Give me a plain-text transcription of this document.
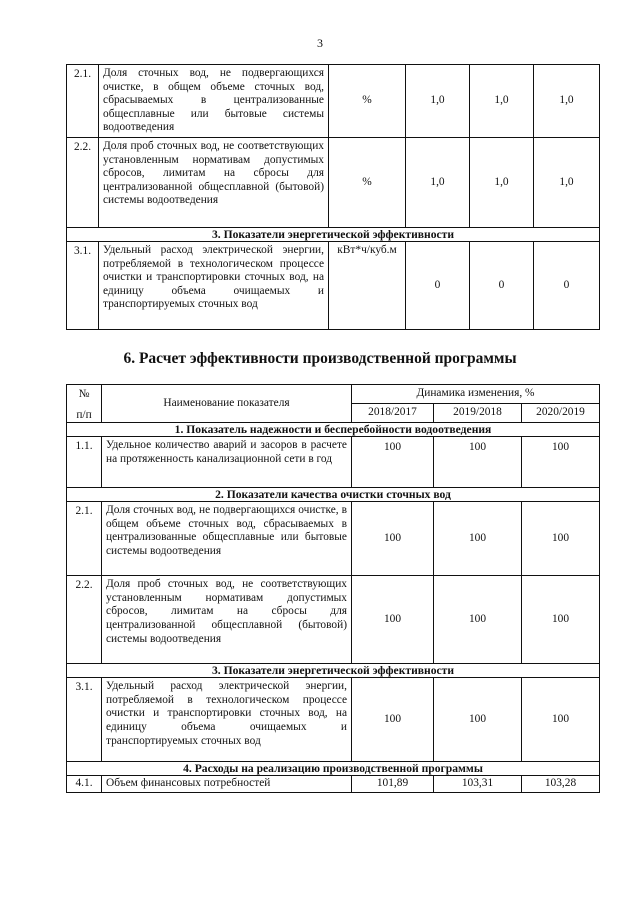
3
2.1.	Доля сточных вод, не подвергающихся очистке, в общем объеме сточных вод, сбрасываемых в централизованные общесплавные или бытовые системы водоотведения	%	1,0	1,0	1,0
2.2.	Доля проб сточных вод, не соответствующих установленным нормативам допустимых сбросов, лимитам на сбросы для централизованной общесплавной (бытовой) системы водоотведения	%	1,0	1,0	1,0
3. Показатели энергетической эффективности					
3.1.	Удельный расход электрической энергии, потребляемой в технологическом процессе очистки и транспортировки сточных вод, на единицу объема очищаемых и транспортируемых сточных вод	кВт*ч/куб.м	0	0	0
6. Расчет эффективности производственной программы
№
п/п	Наименование показателя	Динамика изменения, %		
		2018/2017	2019/2018	2020/2019
1. Показатель надежности и бесперебойности водоотведения				
1.1.	Удельное количество аварий и засоров в расчете на протяженность канализационной сети в год	100	100	100
2. Показатели качества очистки сточных вод				
2.1.	Доля сточных вод, не подвергающихся очистке, в общем объеме сточных вод, сбрасываемых в централизованные общесплавные или бытовые системы водоотведения	100	100	100
2.2.	Доля проб сточных вод, не соответствующих установленным нормативам допустимых сбросов, лимитам на сбросы для централизованной общесплавной (бытовой) системы водоотведения	100	100	100
3. Показатели энергетической эффективности				
3.1.	Удельный расход электрической энергии, потребляемой в технологическом процессе очистки и транспортировки сточных вод, на единицу объема очищаемых и транспортируемых сточных вод	100	100	100
4. Расходы на реализацию производственной программы				
4.1.	Объем финансовых потребностей	101,89	103,31	103,28
